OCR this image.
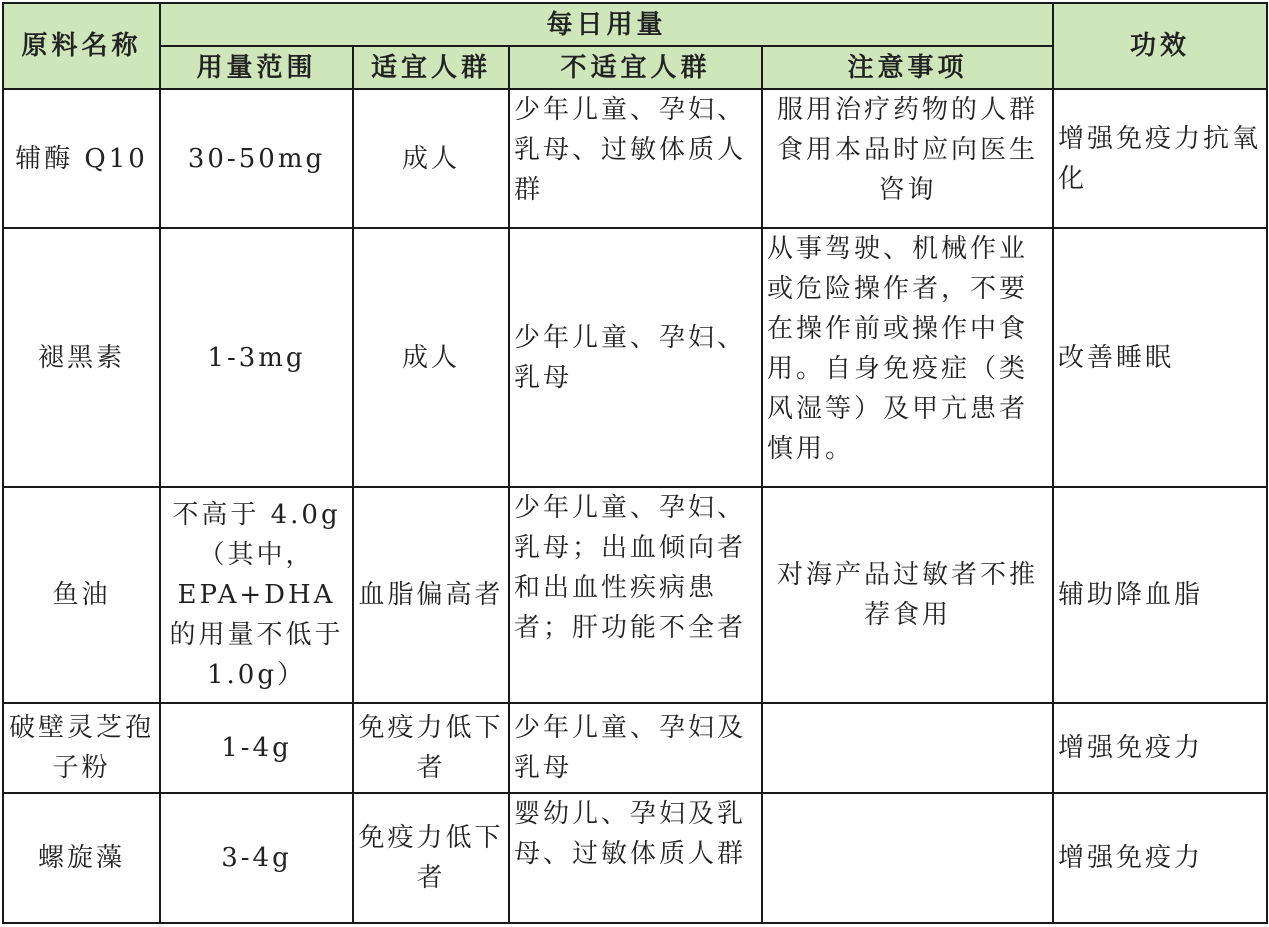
原料名称	每日用量				功效
	用量范围	适宜人群	不适宜人群	注意事项	
辅酶 Q10	30-50mg	成人	少年儿童、孕妇、乳母、过敏体质人群	服用治疗药物的人群食用本品时应向医生咨询	增强免疫力抗氧化
褪黑素	1-3mg	成人	少年儿童、孕妇、乳母	从事驾驶、机械作业或危险操作者，不要在操作前或操作中食用。自身免疫症（类风湿等）及甲亢患者慎用。	改善睡眠
鱼油	不高于 4.0g（其中，EPA+DHA 的用量不低于 1.0g）	血脂偏高者	少年儿童、孕妇、乳母；出血倾向者和出血性疾病患者；肝功能不全者	对海产品过敏者不推荐食用	辅助降血脂
破壁灵芝孢子粉	1-4g	免疫力低下者	少年儿童、孕妇及乳母		增强免疫力
螺旋藻	3-4g	免疫力低下者	婴幼儿、孕妇及乳母、过敏体质人群		增强免疫力
